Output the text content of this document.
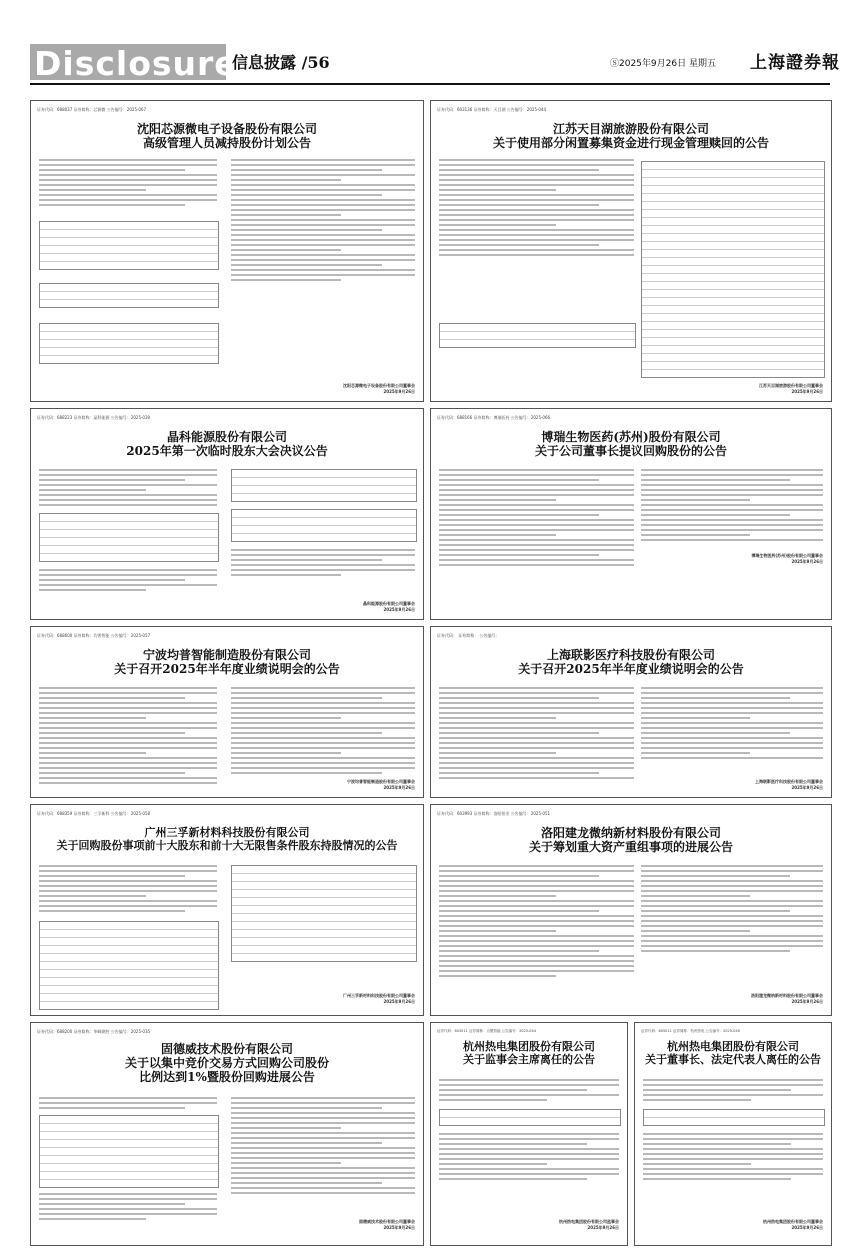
Disclosure
信息披露 /56	Ⓢ2025年9月26日 星期五 上海證券報
证券代码：688037 证券简称：芯源微 公告编号：2025-067
沈阳芯源微电子设备股份有限公司
高级管理人员减持股份计划公告
沈阳芯源微电子设备股份有限公司董事会
2025年9月26日
证券代码：603136 证券简称：天目湖 公告编号：2025-044
江苏天目湖旅游股份有限公司
关于使用部分闲置募集资金进行现金管理赎回的公告
江苏天目湖旅游股份有限公司董事会
2025年9月26日
证券代码：688223 证券简称：晶科能源 公告编号：2025-039
晶科能源股份有限公司
2025年第一次临时股东大会决议公告
晶科能源股份有限公司董事会
2025年9月26日
证券代码：688166 证券简称：博瑞医药 公告编号：2025-066
博瑞生物医药(苏州)股份有限公司
关于公司董事长提议回购股份的公告
博瑞生物医药(苏州)股份有限公司董事会
2025年9月26日
证券代码：688600 证券简称：均普智能 公告编号：2025-057
宁波均普智能制造股份有限公司
关于召开2025年半年度业绩说明会的公告
宁波均普智能制造股份有限公司董事会
2025年9月26日
证券代码： 证券简称： 公告编号：
上海联影医疗科技股份有限公司
关于召开2025年半年度业绩说明会的公告
上海联影医疗科技股份有限公司董事会
2025年9月26日
证券代码：688359 证券简称：三孚新科 公告编号：2025-058
广州三孚新材料科技股份有限公司
关于回购股份事项前十大股东和前十大无限售条件股东持股情况的公告
广州三孚新材料科技股份有限公司董事会
2025年9月26日
证券代码：603993 证券简称：洛阳钼业 公告编号：2025-051
洛阳建龙微纳新材料股份有限公司
关于筹划重大资产重组事项的进展公告
洛阳建龙微纳新材料股份有限公司董事会
2025年9月26日
证券代码：688200 证券简称：华峰测控 公告编号：2025-035
固德威技术股份有限公司
关于以集中竞价交易方式回购公司股份
比例达到1%暨股份回购进展公告
固德威技术股份有限公司董事会
2025年9月26日
证券代码：603011 证券简称：合锻智能 公告编号：2025-044
杭州热电集团股份有限公司
关于监事会主席离任的公告
杭州热电集团股份有限公司监事会
2025年9月26日
证券代码：605011 证券简称：杭州热电 公告编号：2025-045
杭州热电集团股份有限公司
关于董事长、法定代表人离任的公告
杭州热电集团股份有限公司董事会
2025年9月26日
